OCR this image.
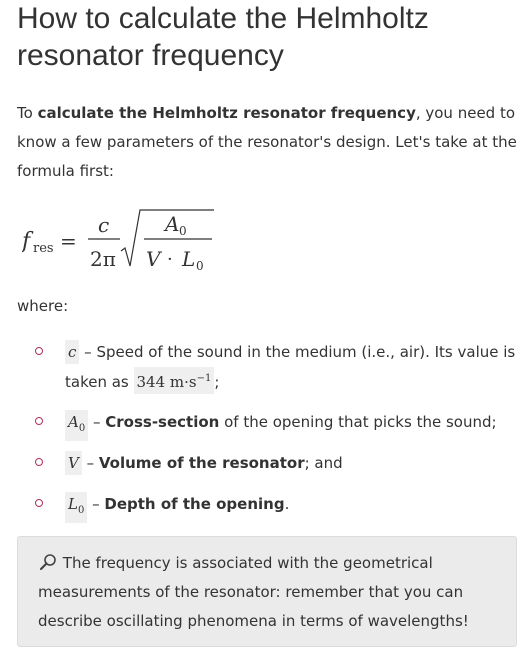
How to calculate the Helmholtz resonator frequency

To calculate the Helmholtz resonator frequency, you need to know a few parameters of the resonator's design. Let's take at the formula first:

f res =
c
2π
A 0
V · L 0

where:

c – Speed of the sound in the medium (i.e., air). Its value is taken as 344 $m\cdot s^{-1}$ ;
$A_0$ – Cross-section of the opening that picks the sound;
V – Volume of the resonator; and
$L_0$ – Depth of the opening.

The frequency is associated with the geometrical measurements of the resonator: remember that you can describe oscillating phenomena in terms of wavelengths!
